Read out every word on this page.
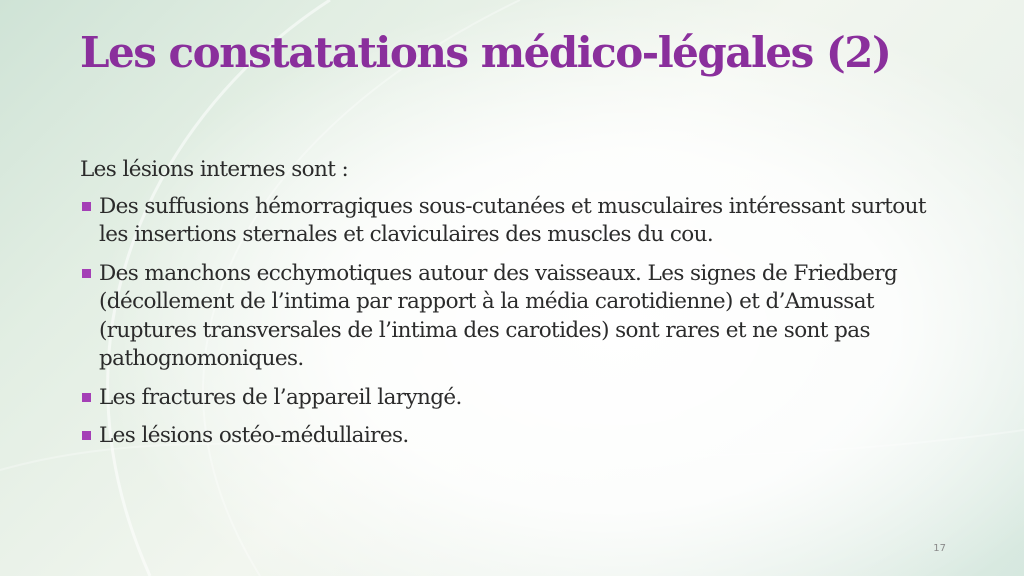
Les constatations médico-légales (2)

Les lésions internes sont :

Des suffusions hémorragiques sous-cutanées et musculaires intéressant surtout les insertions sternales et claviculaires des muscles du cou.
Des manchons ecchymotiques autour des vaisseaux. Les signes de Friedberg (décollement de l’intima par rapport à la média carotidienne) et d’Amussat (ruptures transversales de l’intima des carotides) sont rares et ne sont pas pathognomoniques.
Les fractures de l’appareil laryngé.
Les lésions ostéo-médullaires.
17
